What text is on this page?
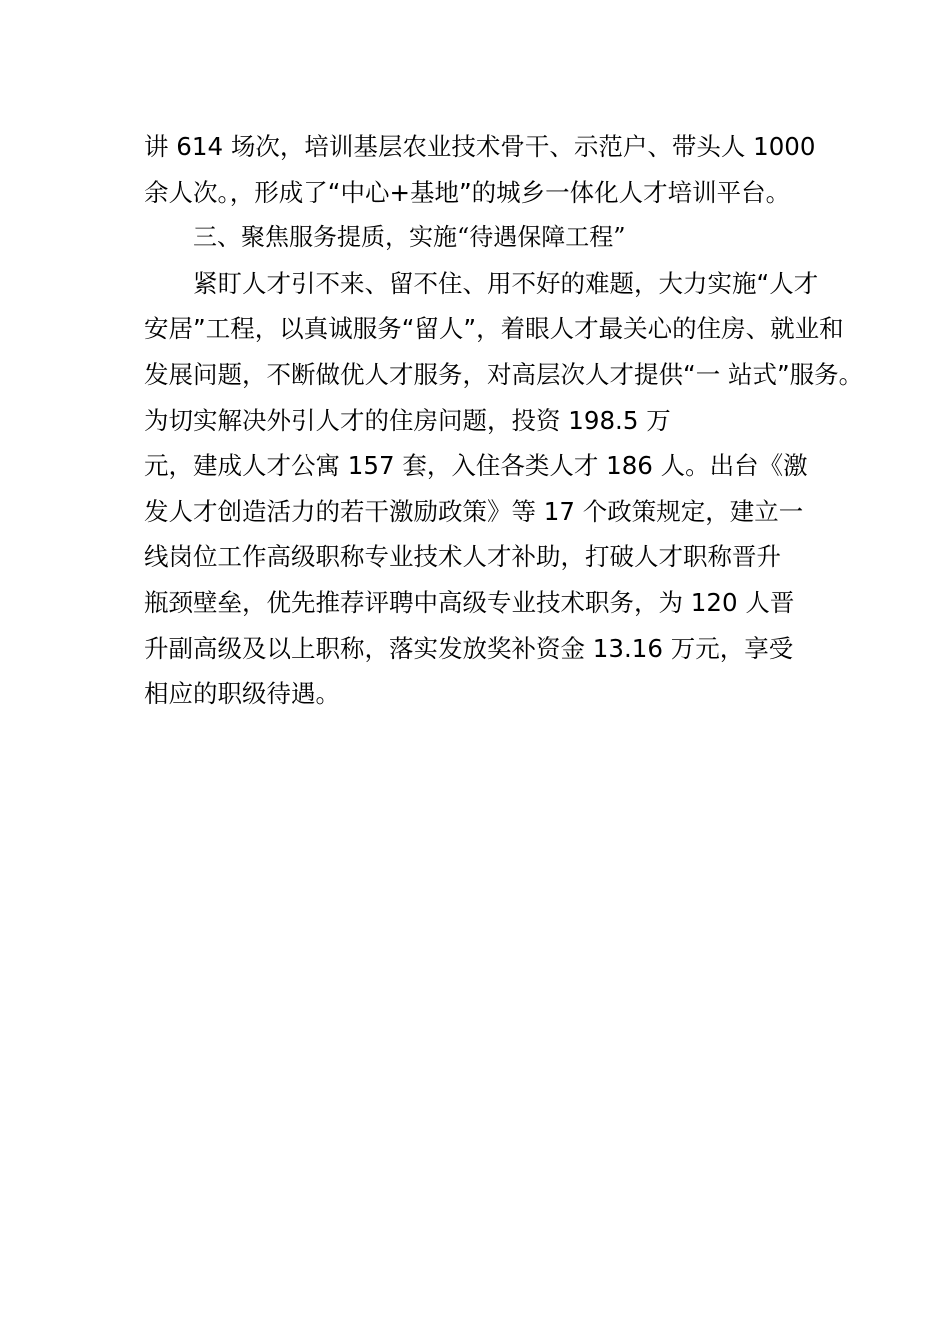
讲 614 场次，培训基层农业技术骨干、示范户、带头人 1000
余人次。，形成了“中心+基地”的城乡一体化人才培训平台。
三、聚焦服务提质，实施“待遇保障工程”
紧盯人才引不来、留不住、用不好的难题，大力实施“人才
安居”工程，以真诚服务“留人”，着眼人才最关心的住房、就业和
发展问题，不断做优人才服务，对高层次人才提供“一 站式”服务。
为切实解决外引人才的住房问题，投资 198.5 万
元，建成人才公寓 157 套，入住各类人才 186 人。出台《激
发人才创造活力的若干激励政策》等 17 个政策规定，建立一
线岗位工作高级职称专业技术人才补助，打破人才职称晋升
瓶颈壁垒，优先推荐评聘中高级专业技术职务，为 120 人晋
升副高级及以上职称，落实发放奖补资金 13.16 万元，享受
相应的职级待遇。
